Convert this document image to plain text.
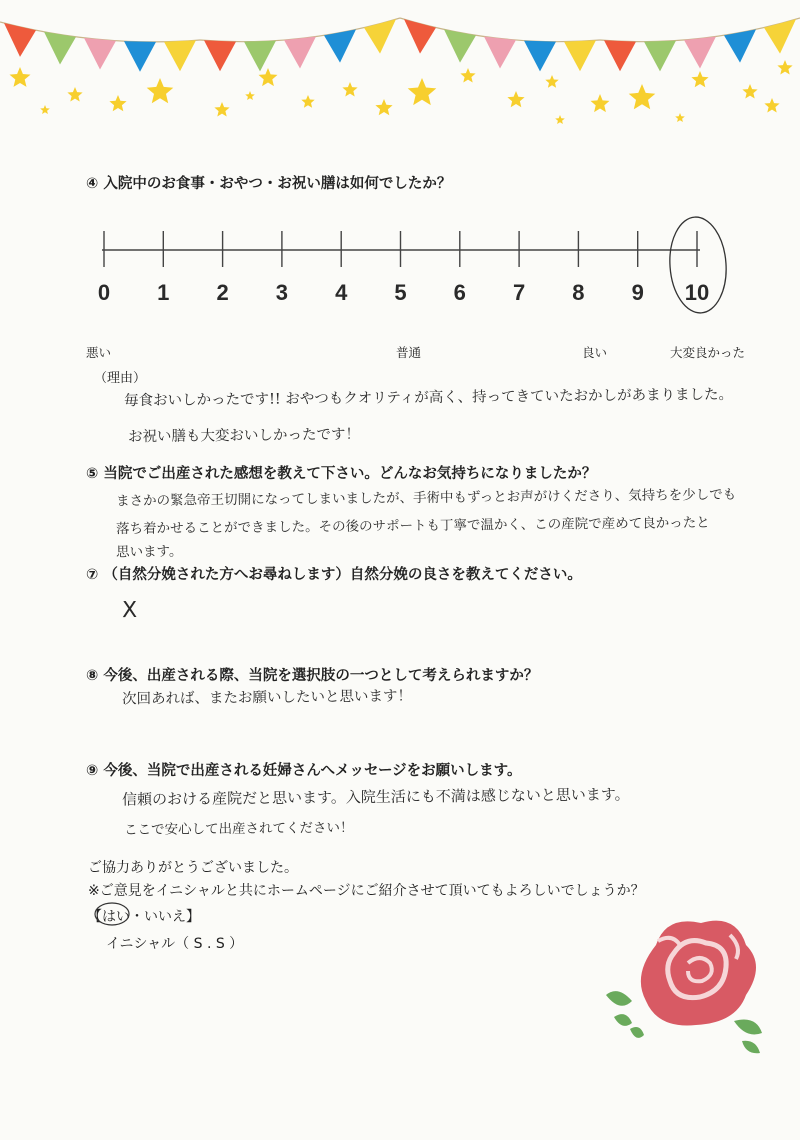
④ 入院中のお食事・おやつ・お祝い膳は如何でしたか？
0 1 2 3 4 5 6 7 8 9 10
悪い	普通	良い	大変良かった
（理由）
毎食おいしかったです!! おやつもクオリティが高く、持ってきていたおかしがあまりました。
お祝い膳も大変おいしかったです！
⑤ 当院でご出産された感想を教えて下さい。どんなお気持ちになりましたか？
まさかの緊急帝王切開になってしまいましたが、手術中もずっとお声がけくださり、気持ちを少しでも
落ち着かせることができました。その後のサポートも丁寧で温かく、この産院で産めて良かったと
思います。
⑦ （自然分娩された方へお尋ねします）自然分娩の良さを教えてください。
X
⑧ 今後、出産される際、当院を選択肢の一つとして考えられますか？
次回あれば、またお願いしたいと思います！
⑨ 今後、当院で出産される妊婦さんへメッセージをお願いします。
信頼のおける産院だと思います。入院生活にも不満は感じないと思います。
ここで安心して出産されてください！
ご協力ありがとうございました。
※ご意見をイニシャルと共にホームページにご紹介させて頂いてもよろしいでしょうか？
【はい・いいえ】
イニシャル（ S . S ）
